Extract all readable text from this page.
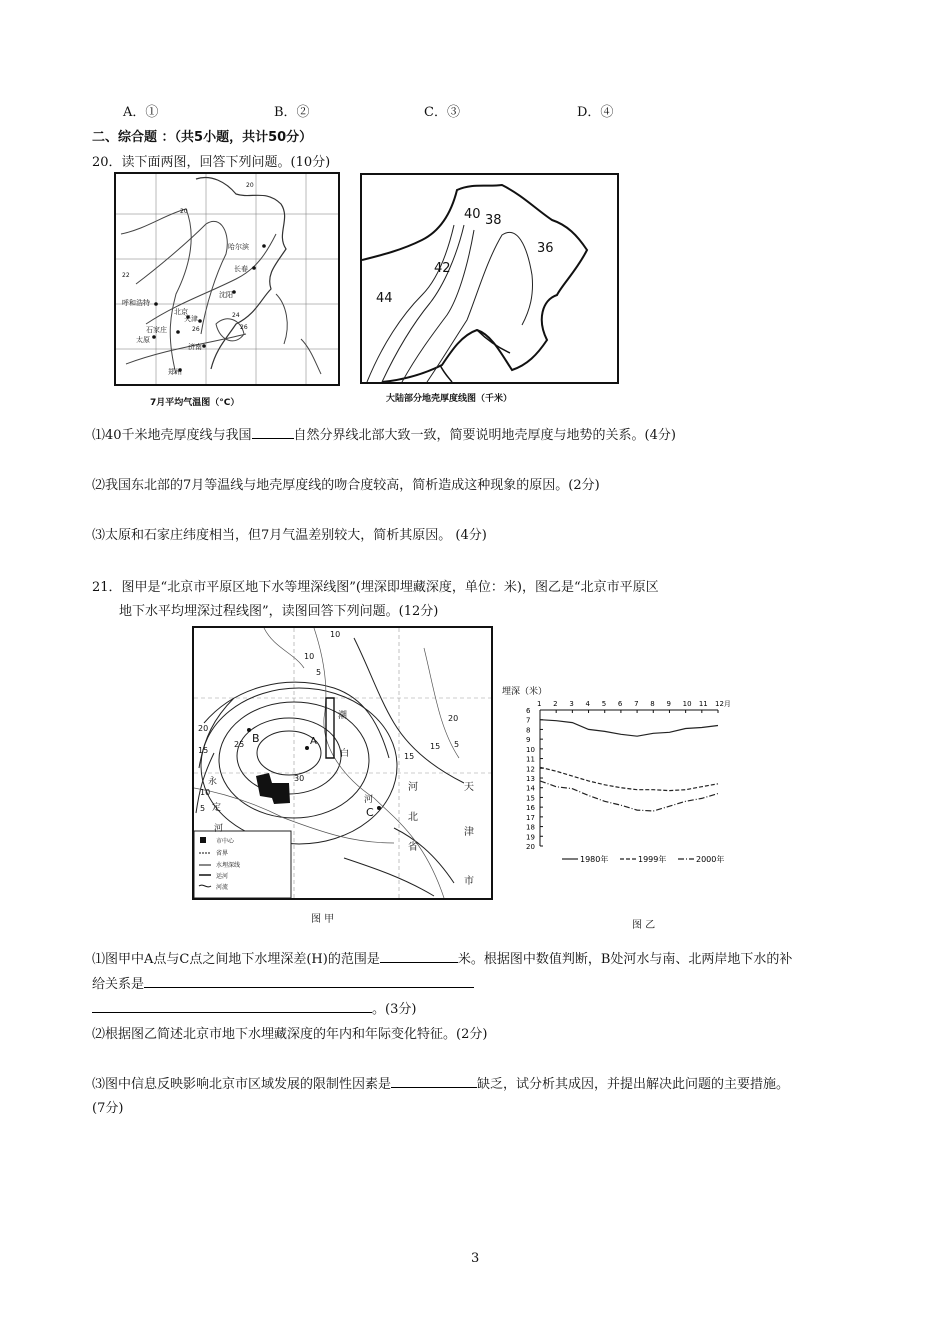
A．①	B．②	C．③	D．④
二、综合题 ：（共5小题，共计50分）
20．读下面两图，回答下列问题。(10分)
哈尔滨
长春
沈阳
呼和浩特
北京
天津
石家庄
太原
济南
郑州
20
22
24
26
26
20
7月平均气温图（°C）
40 38
36
42
44
大陆部分地壳厚度线图（千米）
⑴40千米地壳厚度线与我国	自然分界线北部大致一致，简要说明地壳厚度与地势的关系。(4分)
⑵我国东北部的7月等温线与地壳厚度线的吻合度较高，简析造成这种现象的原因。(2分)
⑶太原和石家庄纬度相当，但7月气温差别较大，简析其原因。 (4分)
21．图甲是“北京市平原区地下水等埋深线图”(埋深即埋藏深度，单位：米)，图乙是“北京市平原区
地下水平均埋深过程线图”，读图回答下列问题。(12分)
A
B
C
永
定
河
河
北
省
天
津
市
潮
白
河
5
10
15
20
25
30
10
5
15
20
15
5
10
市中心
省界
水埋深线
运河
河流
图 甲
埋深（米）
1 2 3 4 5 6 7 8 9 10 11 12月
6
7
8
9
10
11
12
13
14
15
16
17
18
19
20
1980年	1999年	2000年
图 乙
⑴图甲中A点与C点之间地下水埋深差(H)的范围是	米。根据图中数值判断，B处河水与南、北两岸地下水的补
给关系是
。(3分)
⑵根据图乙简述北京市地下水埋藏深度的年内和年际变化特征。(2分)
⑶图中信息反映影响北京市区域发展的限制性因素是	缺乏，试分析其成因，并提出解决此问题的主要措施。
(7分)
3
